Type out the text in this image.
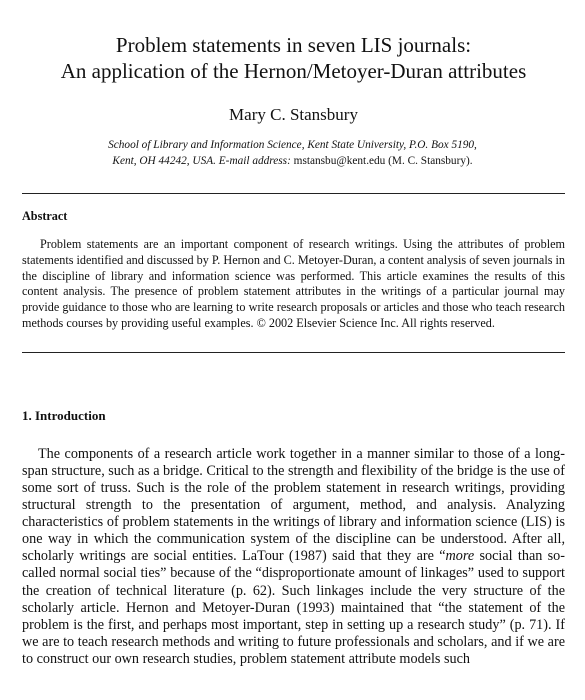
Problem statements in seven LIS journals:
An application of the Hernon/Metoyer-Duran attributes
Mary C. Stansbury
School of Library and Information Science, Kent State University, P.O. Box 5190,
Kent, OH 44242, USA. E-mail address: mstansbu@kent.edu (M. C. Stansbury).
Abstract

Problem statements are an important component of research writings. Using the attributes of problem statements identified and discussed by P. Hernon and C. Metoyer-Duran, a content analysis of seven journals in the discipline of library and information science was performed. This article examines the results of this content analysis. The presence of problem statement attributes in the writings of a particular journal may provide guidance to those who are learning to write research proposals or articles and those who teach research methods courses by providing useful examples. © 2002 Elsevier Science Inc. All rights reserved.

1. Introduction

The components of a research article work together in a manner similar to those of a long-span structure, such as a bridge. Critical to the strength and flexibility of the bridge is the use of some sort of truss. Such is the role of the problem statement in research writings, providing structural strength to the presentation of argument, method, and analysis. Analyzing characteristics of problem statements in the writings of library and information science (LIS) is one way in which the communication system of the discipline can be understood. After all, scholarly writings are social entities. LaTour (1987) said that they are “more social than so-called normal social ties” because of the “disproportionate amount of linkages” used to support the creation of technical literature (p. 62). Such linkages include the very structure of the scholarly article. Hernon and Metoyer-Duran (1993) maintained that “the statement of the problem is the first, and perhaps most important, step in setting up a research study” (p. 71). If we are to teach research methods and writing to future professionals and scholars, and if we are to construct our own research studies, problem statement attribute models such
